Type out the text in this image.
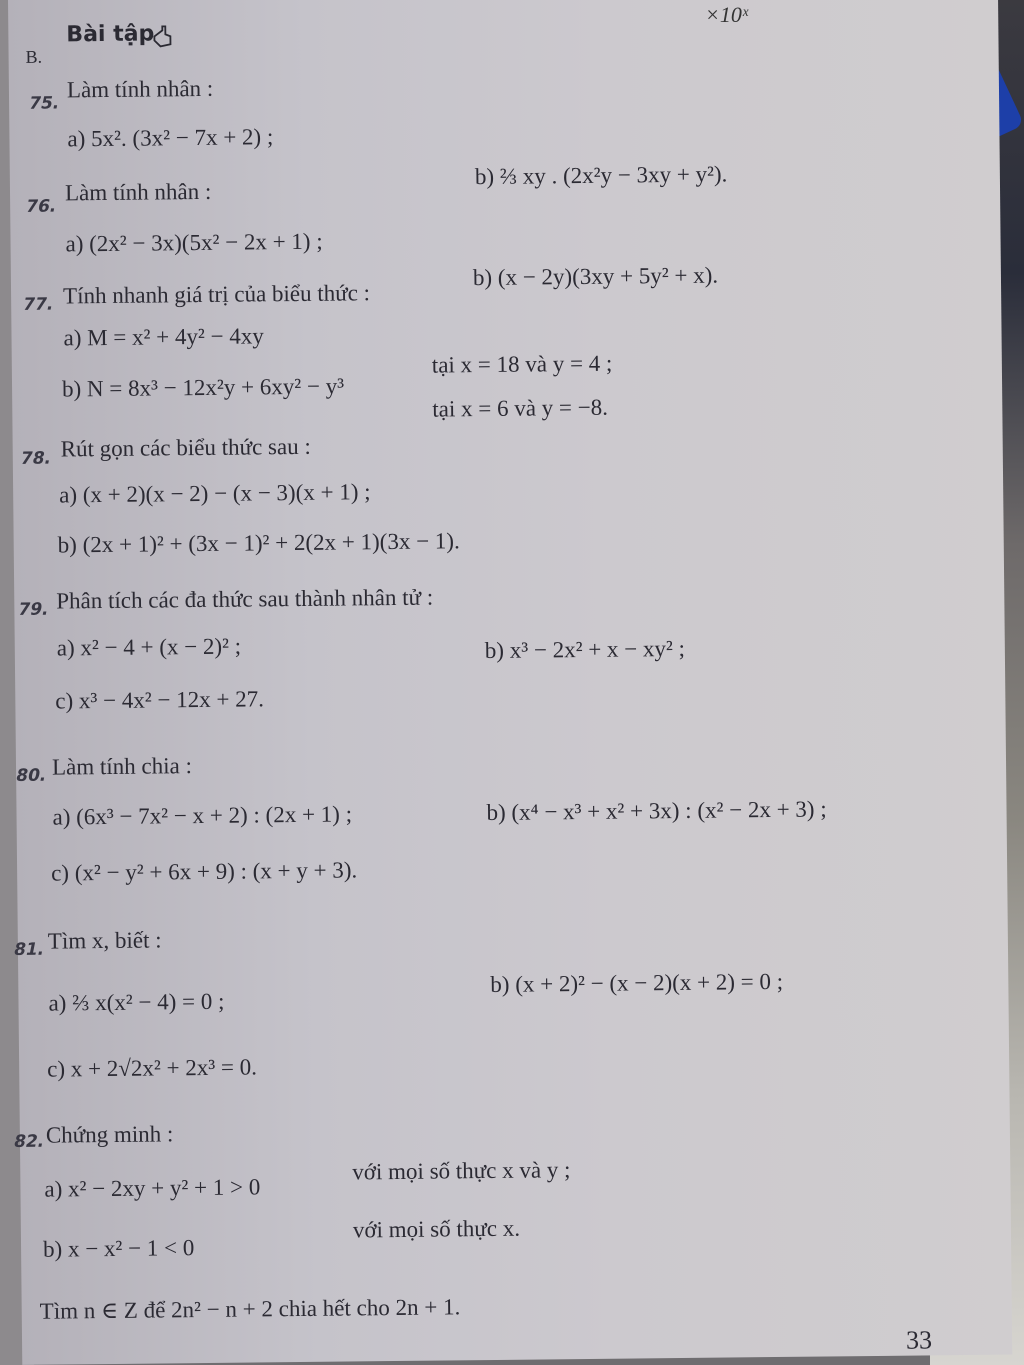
B.
Bài tập
75.
Làm tính nhân :
a) 5x². (3x² − 7x + 2) ;
b) ⅔ xy . (2x²y − 3xy + y²).
76.
Làm tính nhân :
a) (2x² − 3x)(5x² − 2x + 1) ;
b) (x − 2y)(3xy + 5y² + x).
77. Tính nhanh giá trị của biểu thức :
a) M = x² + 4y² − 4xy
tại x = 18 và y = 4 ;
b) N = 8x³ − 12x²y + 6xy² − y³
tại x = 6 và y = −8.
78. Rút gọn các biểu thức sau :
a) (x + 2)(x − 2) − (x − 3)(x + 1) ;
b) (2x + 1)² + (3x − 1)² + 2(2x + 1)(3x − 1).
79. Phân tích các đa thức sau thành nhân tử :
a) x² − 4 + (x − 2)² ;	b) x³ − 2x² + x − xy² ;
c) x³ − 4x² − 12x + 27.
80. Làm tính chia :
a) (6x³ − 7x² − x + 2) : (2x + 1) ;	b) (x⁴ − x³ + x² + 3x) : (x² − 2x + 3) ;
c) (x² − y² + 6x + 9) : (x + y + 3).
81. Tìm x, biết :
a) ⅔ x(x² − 4) = 0 ;
b) (x + 2)² − (x − 2)(x + 2) = 0 ;
c) x + 2√2x² + 2x³ = 0.
82. Chứng minh :
a) x² − 2xy + y² + 1 > 0
với mọi số thực x và y ;
b) x − x² − 1 < 0
với mọi số thực x.
Tìm n ∈ Z để 2n² − n + 2 chia hết cho 2n + 1.
33
×10ˣ
